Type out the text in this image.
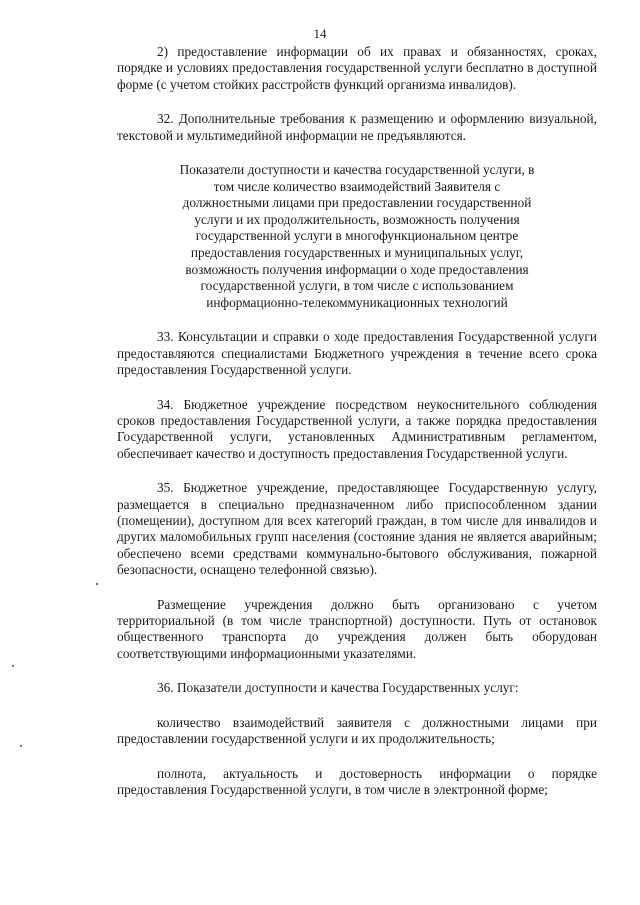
14

2) предоставление информации об их правах и обязанностях, сроках, порядке и условиях предоставления государственной услуги бесплатно в доступной форме (с учетом стойких расстройств функций организма инвалидов).

32. Дополнительные требования к размещению и оформлению визуальной, текстовой и мультимедийной информации не предъявляются.

Показатели доступности и качества государственной услуги, в том числе количество взаимодействий Заявителя с должностными лицами при предоставлении государственной услуги и их продолжительность, возможность получения государственной услуги в многофункциональном центре предоставления государственных и муниципальных услуг, возможность получения информации о ходе предоставления государственной услуги, в том числе с использованием информационно-телекоммуникационных технологий

33. Консультации и справки о ходе предоставления Государственной услуги предоставляются специалистами Бюджетного учреждения в течение всего срока предоставления Государственной услуги.

34. Бюджетное учреждение посредством неукоснительного соблюдения сроков предоставления Государственной услуги, а также порядка предоставления Государственной услуги, установленных Административным регламентом, обеспечивает качество и доступность предоставления Государственной услуги.

35. Бюджетное учреждение, предоставляющее Государственную услугу, размещается в специально предназначенном либо приспособленном здании (помещении), доступном для всех категорий граждан, в том числе для инвалидов и других маломобильных групп населения (состояние здания не является аварийным; обеспечено всеми средствами коммунально-бытового обслуживания, пожарной безопасности, оснащено телефонной связью).

Размещение учреждения должно быть организовано с учетом территориальной (в том числе транспортной) доступности. Путь от остановок общественного транспорта до учреждения должен быть оборудован соответствующими информационными указателями.

36. Показатели доступности и качества Государственных услуг:

количество взаимодействий заявителя с должностными лицами при предоставлении государственной услуги и их продолжительность;

полнота, актуальность и достоверность информации о порядке предоставления Государственной услуги, в том числе в электронной форме;
